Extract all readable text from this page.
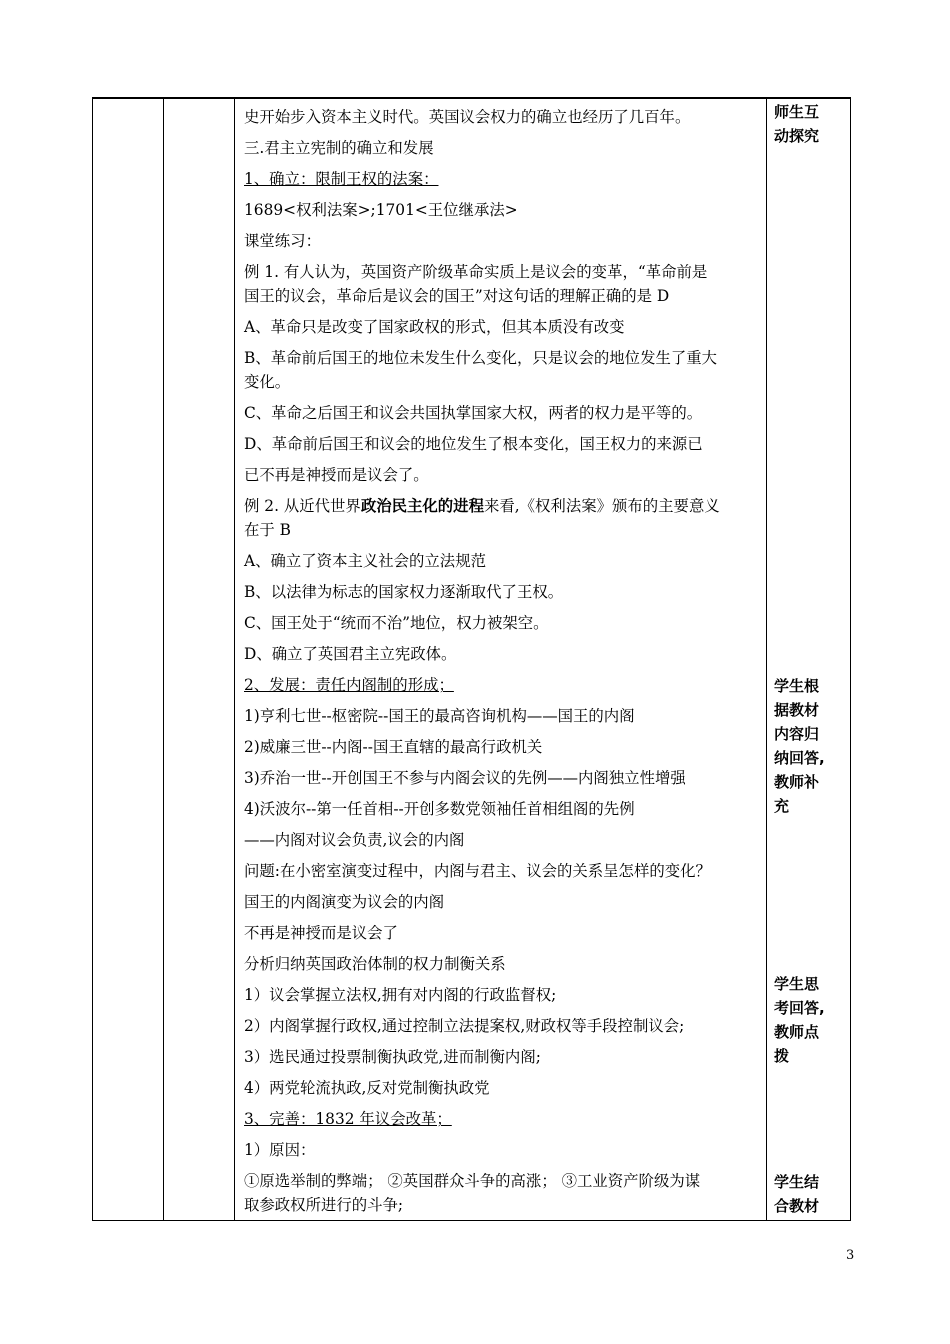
史开始步入资本主义时代。英国议会权力的确立也经历了几百年。
三.君主立宪制的确立和发展
1、确立：限制王权的法案：
1689<权利法案>;1701<王位继承法>
课堂练习：
例 1. 有人认为，英国资产阶级革命实质上是议会的变革，“革命前是
国王的议会，革命后是议会的国王”对这句话的理解正确的是 D
A、革命只是改变了国家政权的形式，但其本质没有改变
B、革命前后国王的地位未发生什么变化，只是议会的地位发生了重大
变化。
C、革命之后国王和议会共国执掌国家大权，两者的权力是平等的。
D、革命前后国王和议会的地位发生了根本变化，国王权力的来源已
已不再是神授而是议会了。
例 2. 从近代世界政治民主化的进程来看,《权利法案》颁布的主要意义
在于 B
A、确立了资本主义社会的立法规范
B、以法律为标志的国家权力逐渐取代了王权。
C、国王处于“统而不治”地位，权力被架空。
D、确立了英国君主立宪政体。
2、发展：责任内阁制的形成；
1)亨利七世--枢密院--国王的最高咨询机构——国王的内阁
2)威廉三世--内阁--国王直辖的最高行政机关
3)乔治一世--开创国王不参与内阁会议的先例——内阁独立性增强
4)沃波尔--第一任首相--开创多数党领袖任首相组阁的先例
——内阁对议会负责,议会的内阁
问题:在小密室演变过程中，内阁与君主、议会的关系呈怎样的变化？
国王的内阁演变为议会的内阁
不再是神授而是议会了
分析归纳英国政治体制的权力制衡关系
1）议会掌握立法权,拥有对内阁的行政监督权;
2）内阁掌握行政权,通过控制立法提案权,财政权等手段控制议会;
3）选民通过投票制衡执政党,进而制衡内阁;
4）两党轮流执政,反对党制衡执政党
3、完善：1832 年议会改革；
1）原因：
①原选举制的弊端； ②英国群众斗争的高涨； ③工业资产阶级为谋
取参政权所进行的斗争;
师生互
动探究
学生根
据教材
内容归
纳回答,
教师补
充
学生思
考回答,
教师点
拨
学生结
合教材
3
